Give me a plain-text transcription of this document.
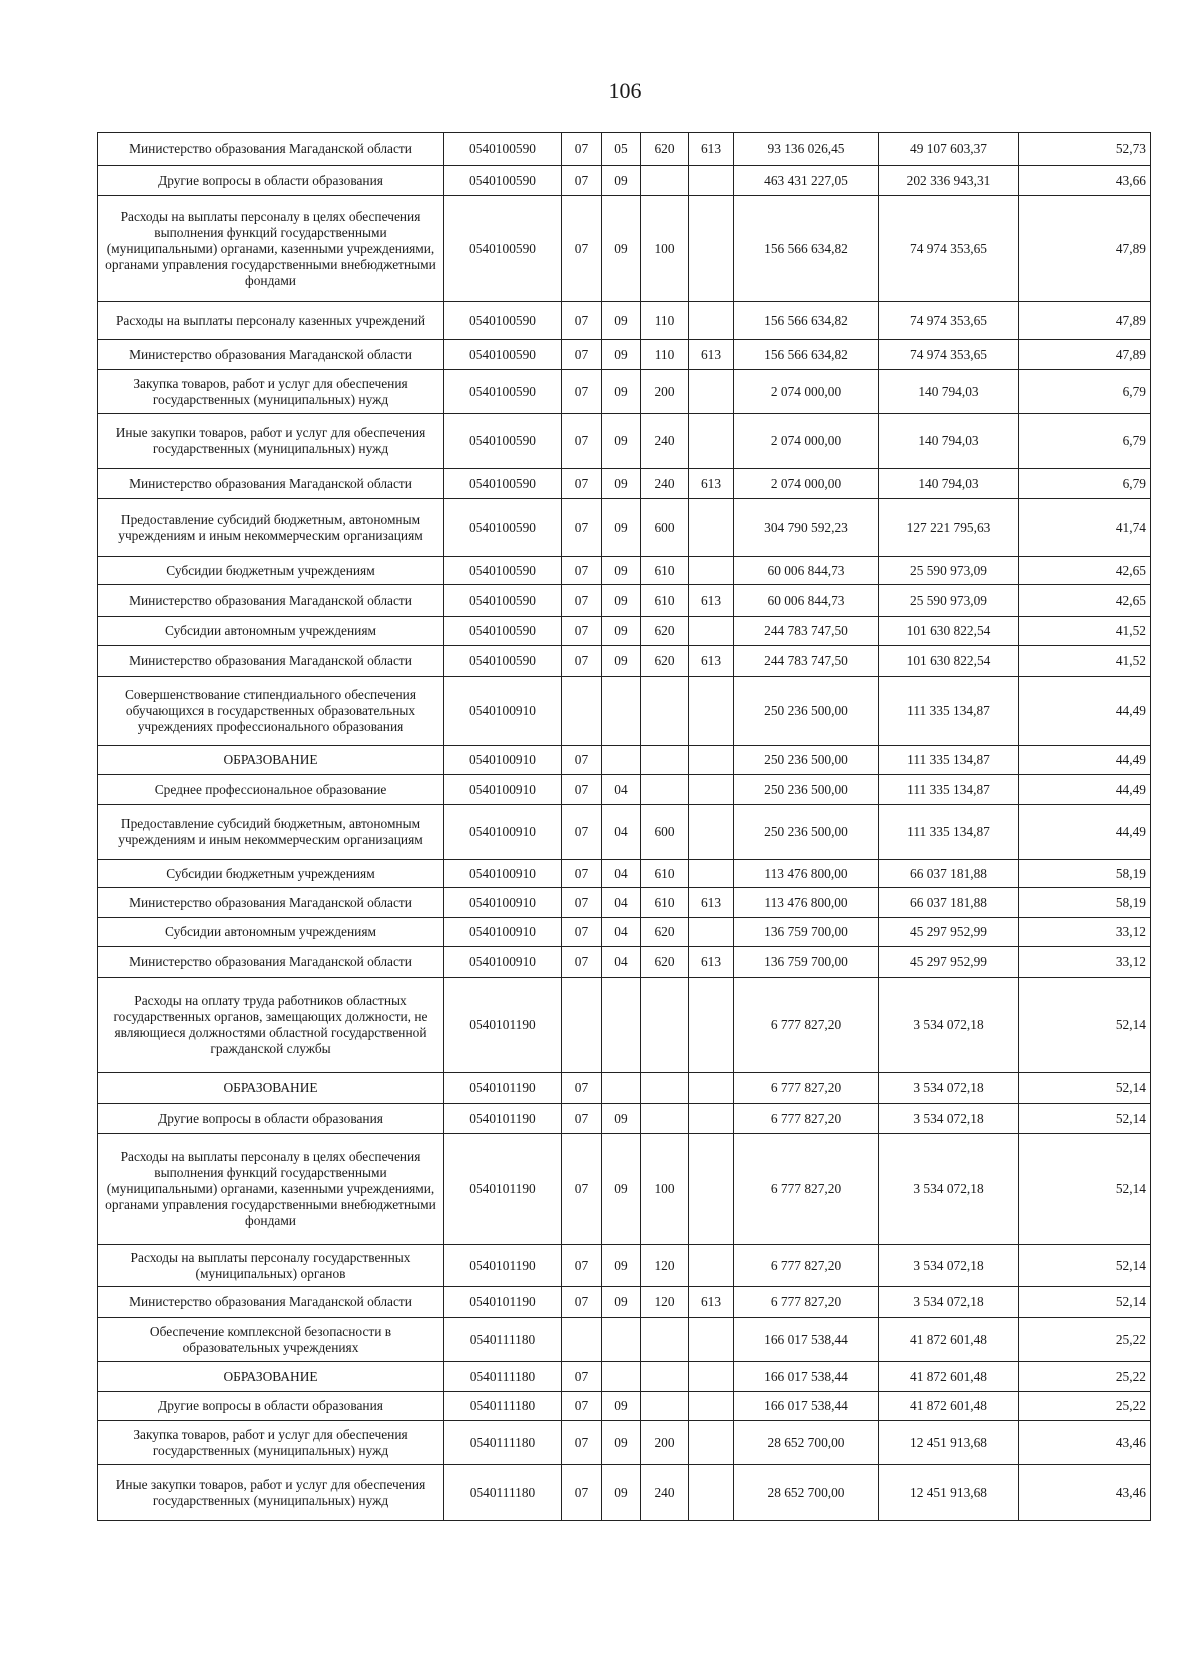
106
Министерство образования Магаданской области	0540100590	07	05	620	613	93 136 026,45	49 107 603,37	52,73
Другие вопросы в области образования	0540100590	07	09			463 431 227,05	202 336 943,31	43,66
Расходы на выплаты персоналу в целях обеспечения выполнения функций государственными (муниципальными) органами, казенными учреждениями, органами управления государственными внебюджетными фондами	0540100590	07	09	100		156 566 634,82	74 974 353,65	47,89
Расходы на выплаты персоналу казенных учреждений	0540100590	07	09	110		156 566 634,82	74 974 353,65	47,89
Министерство образования Магаданской области	0540100590	07	09	110	613	156 566 634,82	74 974 353,65	47,89
Закупка товаров, работ и услуг для обеспечения государственных (муниципальных) нужд	0540100590	07	09	200		2 074 000,00	140 794,03	6,79
Иные закупки товаров, работ и услуг для обеспечения государственных (муниципальных) нужд	0540100590	07	09	240		2 074 000,00	140 794,03	6,79
Министерство образования Магаданской области	0540100590	07	09	240	613	2 074 000,00	140 794,03	6,79
Предоставление субсидий бюджетным, автономным учреждениям и иным некоммерческим организациям	0540100590	07	09	600		304 790 592,23	127 221 795,63	41,74
Субсидии бюджетным учреждениям	0540100590	07	09	610		60 006 844,73	25 590 973,09	42,65
Министерство образования Магаданской области	0540100590	07	09	610	613	60 006 844,73	25 590 973,09	42,65
Субсидии автономным учреждениям	0540100590	07	09	620		244 783 747,50	101 630 822,54	41,52
Министерство образования Магаданской области	0540100590	07	09	620	613	244 783 747,50	101 630 822,54	41,52
Совершенствование стипендиального обеспечения обучающихся в государственных образовательных учреждениях профессионального образования	0540100910					250 236 500,00	111 335 134,87	44,49
ОБРАЗОВАНИЕ	0540100910	07				250 236 500,00	111 335 134,87	44,49
Среднее профессиональное образование	0540100910	07	04			250 236 500,00	111 335 134,87	44,49
Предоставление субсидий бюджетным, автономным учреждениям и иным некоммерческим организациям	0540100910	07	04	600		250 236 500,00	111 335 134,87	44,49
Субсидии бюджетным учреждениям	0540100910	07	04	610		113 476 800,00	66 037 181,88	58,19
Министерство образования Магаданской области	0540100910	07	04	610	613	113 476 800,00	66 037 181,88	58,19
Субсидии автономным учреждениям	0540100910	07	04	620		136 759 700,00	45 297 952,99	33,12
Министерство образования Магаданской области	0540100910	07	04	620	613	136 759 700,00	45 297 952,99	33,12
Расходы на оплату труда работников областных государственных органов, замещающих должности, не являющиеся должностями областной государственной гражданской службы	0540101190					6 777 827,20	3 534 072,18	52,14
ОБРАЗОВАНИЕ	0540101190	07				6 777 827,20	3 534 072,18	52,14
Другие вопросы в области образования	0540101190	07	09			6 777 827,20	3 534 072,18	52,14
Расходы на выплаты персоналу в целях обеспечения выполнения функций государственными (муниципальными) органами, казенными учреждениями, органами управления государственными внебюджетными фондами	0540101190	07	09	100		6 777 827,20	3 534 072,18	52,14
Расходы на выплаты персоналу государственных (муниципальных) органов	0540101190	07	09	120		6 777 827,20	3 534 072,18	52,14
Министерство образования Магаданской области	0540101190	07	09	120	613	6 777 827,20	3 534 072,18	52,14
Обеспечение комплексной безопасности в образовательных учреждениях	0540111180					166 017 538,44	41 872 601,48	25,22
ОБРАЗОВАНИЕ	0540111180	07				166 017 538,44	41 872 601,48	25,22
Другие вопросы в области образования	0540111180	07	09			166 017 538,44	41 872 601,48	25,22
Закупка товаров, работ и услуг для обеспечения государственных (муниципальных) нужд	0540111180	07	09	200		28 652 700,00	12 451 913,68	43,46
Иные закупки товаров, работ и услуг для обеспечения государственных (муниципальных) нужд	0540111180	07	09	240		28 652 700,00	12 451 913,68	43,46
